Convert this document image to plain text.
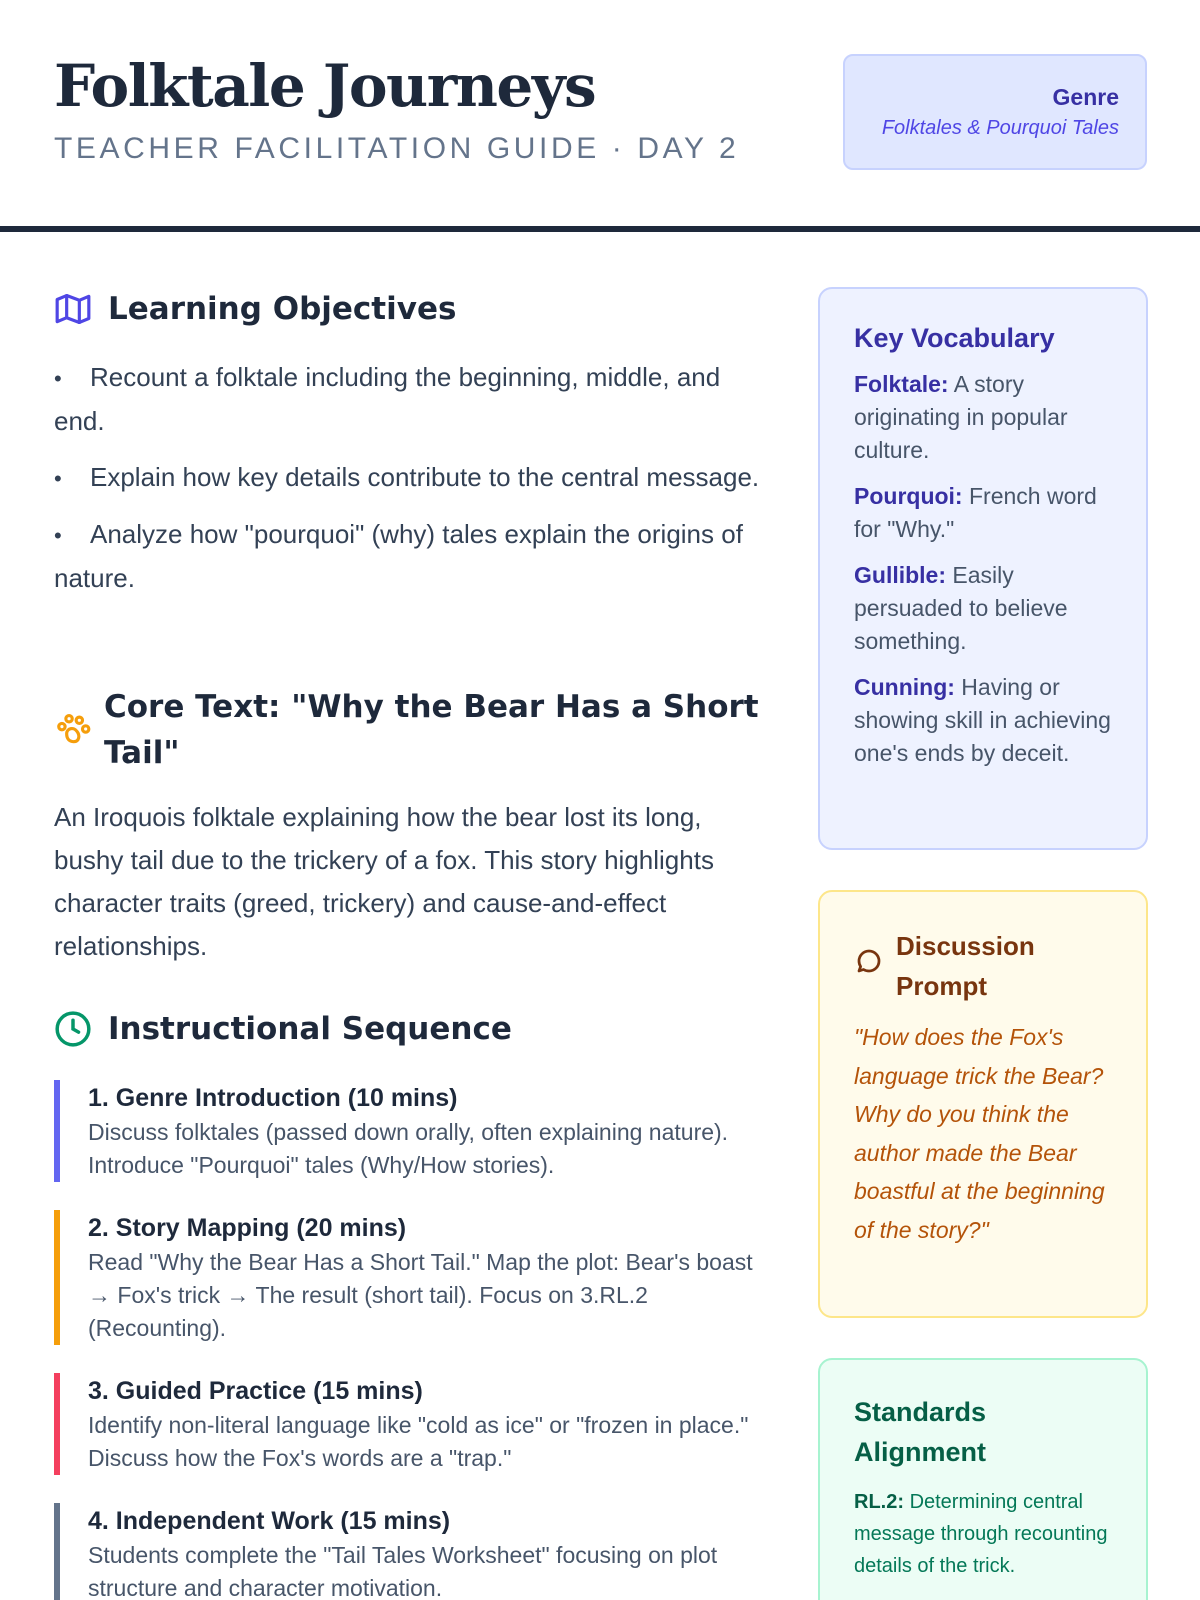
Folktale Journeys
TEACHER FACILITATION GUIDE · DAY 2
Genre
Folktales & Pourquoi Tales
Learning Objectives
• Recount a folktale including the beginning, middle, and end.
• Explain how key details contribute to the central message.
• Analyze how "pourquoi" (why) tales explain the origins of nature.
Core Text: "Why the Bear Has a Short Tail"

An Iroquois folktale explaining how the bear lost its long, bushy tail due to the trickery of a fox. This story highlights character traits (greed, trickery) and cause-and-effect relationships.

Instructional Sequence
1. Genre Introduction (10 mins)
Discuss folktales (passed down orally, often explaining nature). Introduce "Pourquoi" tales (Why/How stories).
2. Story Mapping (20 mins)
Read "Why the Bear Has a Short Tail." Map the plot: Bear's boast → Fox's trick → The result (short tail). Focus on 3.RL.2 (Recounting).
3. Guided Practice (15 mins)
Identify non-literal language like "cold as ice" or "frozen in place." Discuss how the Fox's words are a "trap."
4. Independent Work (15 mins)
Students complete the "Tail Tales Worksheet" focusing on plot structure and character motivation.
Key Vocabulary

Folktale: A story originating in popular culture.

Pourquoi: French word for "Why."

Gullible: Easily persuaded to believe something.

Cunning: Having or showing skill in achieving one's ends by deceit.

Discussion Prompt

"How does the Fox's language trick the Bear? Why do you think the author made the Bear boastful at the beginning of the story?"

Standards Alignment

RL.2: Determining central message through recounting details of the trick.
